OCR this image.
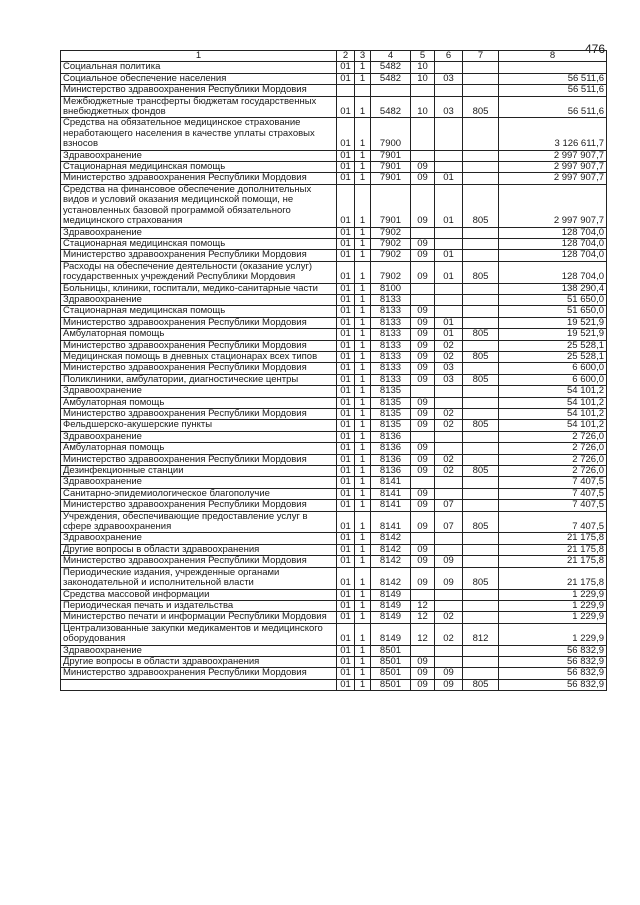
476
1	2	3	4	5	6	7	8
Социальная политика	01	1	5482	10			
Социальное обеспечение населения	01	1	5482	10	03		56 511,6
Министерство здравоохранения Республики Мордовия							56 511,6
Межбюджетные трансферты бюджетам государственных внебюджетных фондов	01	1	5482	10	03	805	56 511,6
Средства на обязательное медицинское страхование неработающего населения в качестве уплаты страховых взносов	01	1	7900				3 126 611,7
Здравоохранение	01	1	7901				2 997 907,7
Стационарная медицинская помощь	01	1	7901	09			2 997 907,7
Министерство здравоохранения Республики Мордовия	01	1	7901	09	01		2 997 907,7
Средства на финансовое обеспечение дополнительных видов и условий оказания медицинской помощи, не установленных базовой программой обязательного медицинского страхования	01	1	7901	09	01	805	2 997 907,7
Здравоохранение	01	1	7902				128 704,0
Стационарная медицинская помощь	01	1	7902	09			128 704,0
Министерство здравоохранения Республики Мордовия	01	1	7902	09	01		128 704,0
Расходы на обеспечение деятельности (оказание услуг) государственных учреждений Республики Мордовия	01	1	7902	09	01	805	128 704,0
Больницы, клиники, госпитали, медико-санитарные части	01	1	8100				138 290,4
Здравоохранение	01	1	8133				51 650,0
Стационарная медицинская помощь	01	1	8133	09			51 650,0
Министерство здравоохранения Республики Мордовия	01	1	8133	09	01		19 521,9
Амбулаторная помощь	01	1	8133	09	01	805	19 521,9
Министерство здравоохранения Республики Мордовия	01	1	8133	09	02		25 528,1
Медицинская помощь в дневных стационарах всех типов	01	1	8133	09	02	805	25 528,1
Министерство здравоохранения Республики Мордовия	01	1	8133	09	03		6 600,0
Поликлиники, амбулатории, диагностические центры	01	1	8133	09	03	805	6 600,0
Здравоохранение	01	1	8135				54 101,2
Амбулаторная помощь	01	1	8135	09			54 101,2
Министерство здравоохранения Республики Мордовия	01	1	8135	09	02		54 101,2
Фельдшерско-акушерские пункты	01	1	8135	09	02	805	54 101,2
Здравоохранение	01	1	8136				2 726,0
Амбулаторная помощь	01	1	8136	09			2 726,0
Министерство здравоохранения Республики Мордовия	01	1	8136	09	02		2 726,0
Дезинфекционные станции	01	1	8136	09	02	805	2 726,0
Здравоохранение	01	1	8141				7 407,5
Санитарно-эпидемиологическое благополучие	01	1	8141	09			7 407,5
Министерство здравоохранения Республики Мордовия	01	1	8141	09	07		7 407,5
Учреждения, обеспечивающие предоставление услуг в сфере здравоохранения	01	1	8141	09	07	805	7 407,5
Здравоохранение	01	1	8142				21 175,8
Другие вопросы в области здравоохранения	01	1	8142	09			21 175,8
Министерство здравоохранения Республики Мордовия	01	1	8142	09	09		21 175,8
Периодические издания, учрежденные органами законодательной и исполнительной власти	01	1	8142	09	09	805	21 175,8
Средства массовой информации	01	1	8149				1 229,9
Периодическая печать и издательства	01	1	8149	12			1 229,9
Министерство печати и информации Республики Мордовия	01	1	8149	12	02		1 229,9
Централизованные закупки медикаментов и медицинского оборудования	01	1	8149	12	02	812	1 229,9
Здравоохранение	01	1	8501				56 832,9
Другие вопросы в области здравоохранения	01	1	8501	09			56 832,9
Министерство здравоохранения Республики Мордовия	01	1	8501	09	09		56 832,9
	01	1	8501	09	09	805	56 832,9
